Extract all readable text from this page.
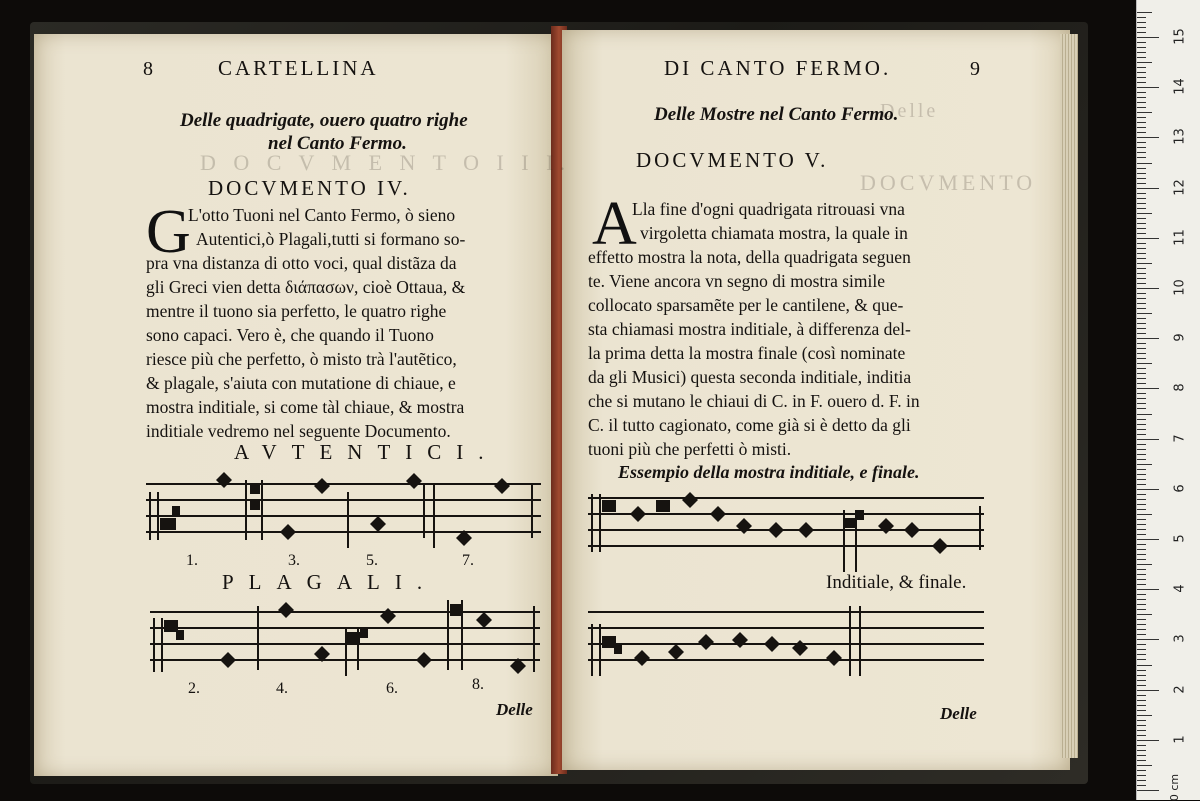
D O C V M E N T O I I I.
Delle
DOCVMENTO
8	CARTELLINA
Delle quadrigate, ouero quatro righe
nel Canto Fermo.
DOCVMENTO IV.
G
L'otto Tuoni nel Canto Fermo, ò sieno
Autentici,ò Plagali,tutti si formano so-
pra vna distanza di otto voci, qual distãza da
gli Greci vien detta διάπασων, cioè Ottaua, &
mentre il tuono sia perfetto, le quatro righe
sono capaci. Vero è, che quando il Tuono
riesce più che perfetto, ò misto trà l'autẽtico,
& plagale, s'aiuta con mutatione di chiaue, e
mostra inditiale, si come tàl chiaue, & mostra
inditiale vedremo nel seguente Documento.
AVTENTICI.
1.	3.	5.	7.
PLAGALI.
2.	4.	6.	8.
Delle
DI CANTO FERMO.	9
Delle Mostre nel Canto Fermo.
DOCVMENTO V.
A
Lla fine d'ogni quadrigata ritrouasi vna
virgoletta chiamata mostra, la quale in
effetto mostra la nota, della quadrigata seguen
te. Viene ancora vn segno di mostra simile
collocato sparsamẽte per le cantilene, & que-
sta chiamasi mostra inditiale, à differenza del-
la prima detta la mostra finale (così nominate
da gli Musici) questa seconda inditiale, inditia
che si mutano le chiaui di C. in F. ouero d. F. in
C. il tutto cagionato, come già si è detto da gli
tuoni più che perfetti ò misti.
Essempio della mostra inditiale, e finale.
Inditiale, & finale.
Delle
0 cm
1
2
3
4
5
6
7
8
9
10
11
12
13
14
15
